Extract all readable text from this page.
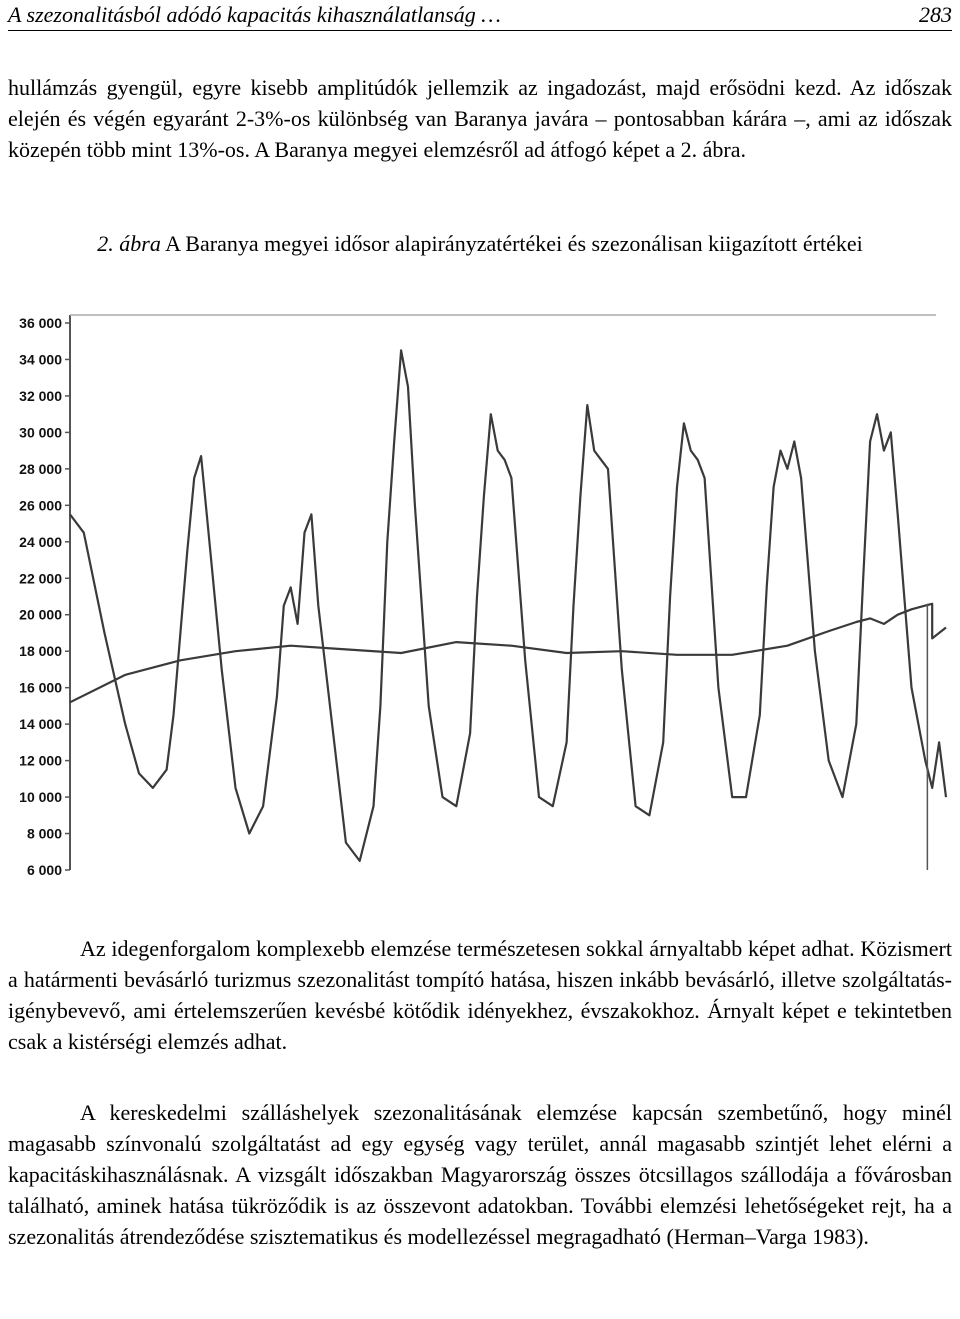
A szezonalitásból adódó kapacitás kihasználatlanság …	283

hullámzás gyengül, egyre kisebb amplitúdók jellemzik az ingadozást, majd erősödni kezd. Az időszak elején és végén egyaránt 2-3%-os különbség van Baranya javára – pontosabban kárára –, ami az időszak közepén több mint 13%-os. A Baranya megyei elemzésről ad átfogó képet a 2. ábra.

2. ábra A Baranya megyei idősor alapirányzatértékei és szezonálisan kiigazított értékei
6 000
8 000
10 000
12 000
14 000
16 000
18 000
20 000
22 000
24 000
26 000
28 000
30 000
32 000
34 000
36 000

Az idegenforgalom komplexebb elemzése természetesen sokkal árnyaltabb képet adhat. Közismert a határmenti bevásárló turizmus szezonalitást tompító hatása, hiszen inkább bevásárló, illetve szolgáltatás-igénybevevő, ami értelemszerűen kevésbé kötődik idényekhez, évszakokhoz. Árnyalt képet e tekintetben csak a kistérségi elemzés adhat.

A kereskedelmi szálláshelyek szezonalitásának elemzése kapcsán szembetűnő, hogy minél magasabb színvonalú szolgáltatást ad egy egység vagy terület, annál magasabb szintjét lehet elérni a kapacitáskihasználásnak. A vizsgált időszakban Magyarország összes ötcsillagos szállodája a fővárosban található, aminek hatása tükröződik is az összevont adatokban. További elemzési lehetőségeket rejt, ha a szezonalitás átrendeződése szisztematikus és modellezéssel megragadható (Herman–Varga 1983).
